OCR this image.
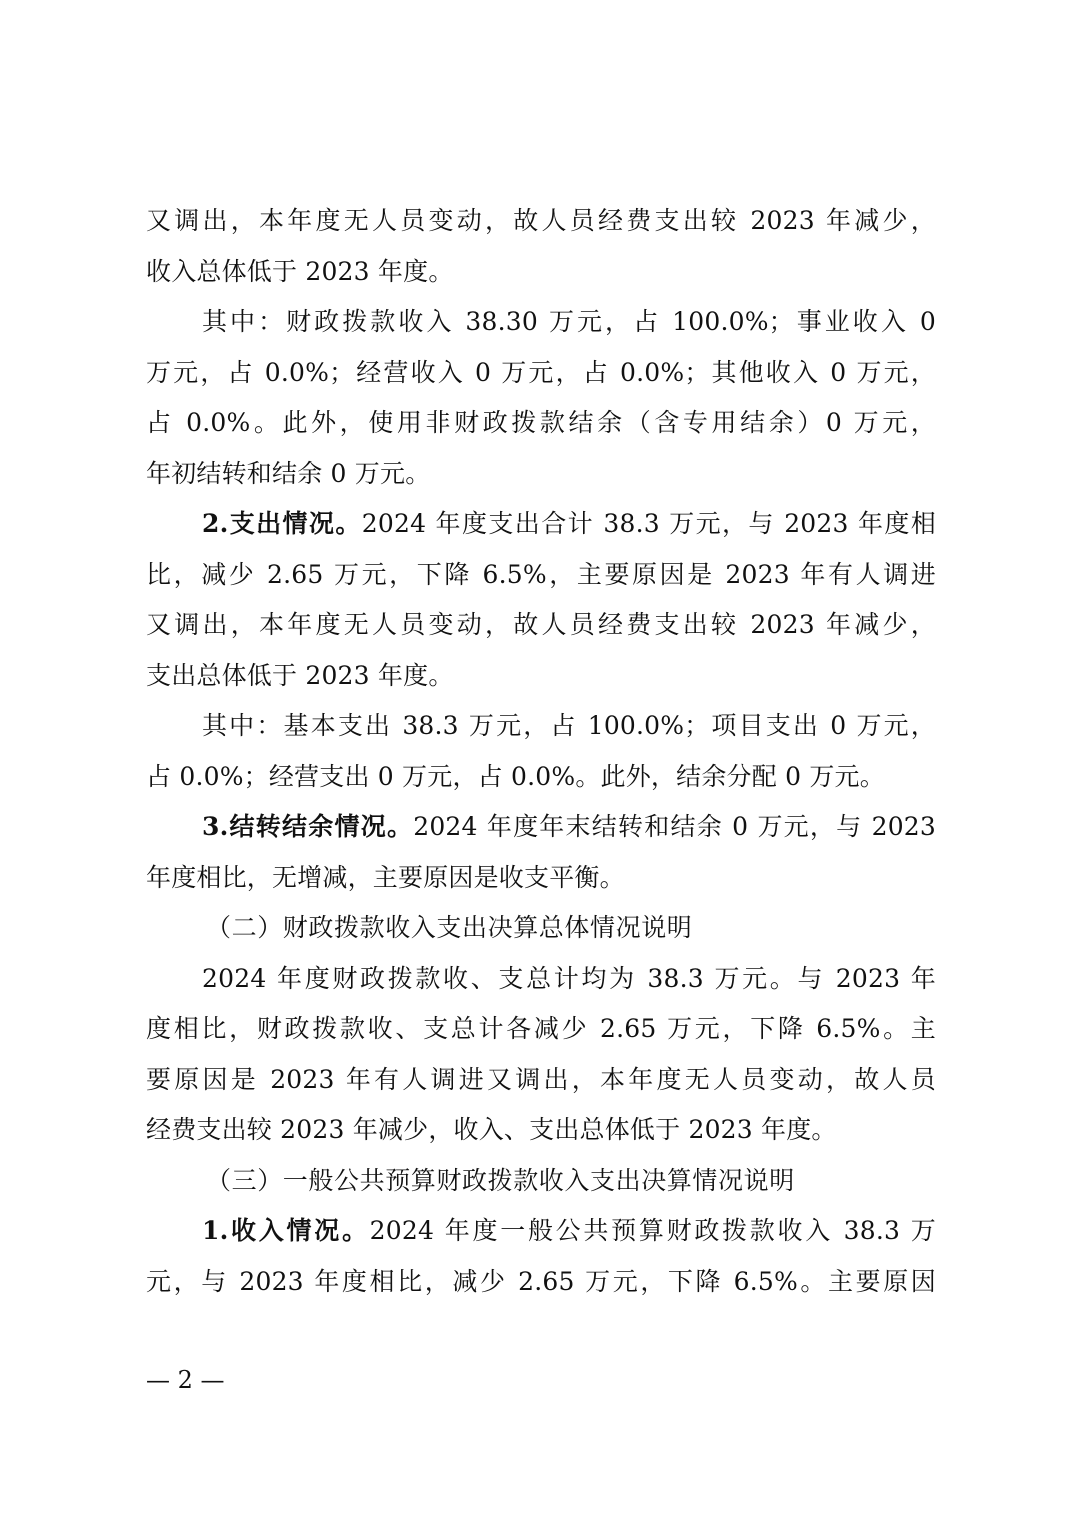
又调出，本年度无人员变动，故人员经费支出较 2023 年减少，
收入总体低于 2023 年度。
其中：财政拨款收入 38.30 万元，占 100.0%；事业收入 0
万元，占 0.0%；经营收入 0 万元，占 0.0%；其他收入 0 万元，
占 0.0%。此外，使用非财政拨款结余（含专用结余）0 万元，
年初结转和结余 0 万元。
2.支出情况。2024 年度支出合计 38.3 万元，与 2023 年度相
比，减少 2.65 万元，下降 6.5%，主要原因是 2023 年有人调进
又调出，本年度无人员变动，故人员经费支出较 2023 年减少，
支出总体低于 2023 年度。
其中：基本支出 38.3 万元，占 100.0%；项目支出 0 万元，
占 0.0%；经营支出 0 万元，占 0.0%。此外，结余分配 0 万元。
3.结转结余情况。2024 年度年末结转和结余 0 万元，与 2023
年度相比，无增减，主要原因是收支平衡。
（二）财政拨款收入支出决算总体情况说明
2024 年度财政拨款收、支总计均为 38.3 万元。与 2023 年
度相比，财政拨款收、支总计各减少 2.65 万元，下降 6.5%。主
要原因是 2023 年有人调进又调出，本年度无人员变动，故人员
经费支出较 2023 年减少，收入、支出总体低于 2023 年度。
（三）一般公共预算财政拨款收入支出决算情况说明
1.收入情况。2024 年度一般公共预算财政拨款收入 38.3 万
元，与 2023 年度相比，减少 2.65 万元，下降 6.5%。主要原因
— 2 —
